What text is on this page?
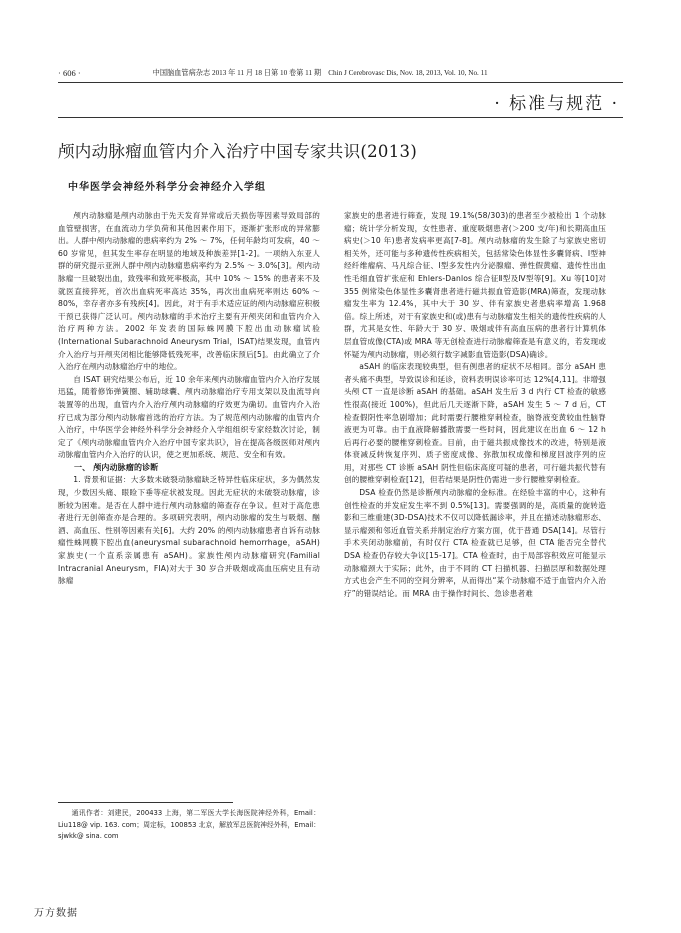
· 606 ·	中国脑血管病杂志 2013 年 11 月 18 日第 10 卷第 11 期　Chin J Cerebrovasc Dis, Nov. 18, 2013, Vol. 10, No. 11
· 标准与规范 ·
颅内动脉瘤血管内介入治疗中国专家共识(2013)
中华医学会神经外科学分会神经介入学组

颅内动脉瘤是颅内动脉由于先天发育异常或后天损伤等因素导致局部的血管壁损害，在血流动力学负荷和其他因素作用下，逐渐扩张形成的异常膨出。人群中颅内动脉瘤的患病率约为 2% ～ 7%，任何年龄均可发病，40 ～ 60 岁常见，但其发生率存在明显的地域及种族差异[1-2]。一项纳入东亚人群的研究提示亚洲人群中颅内动脉瘤患病率约为 2.5% ～ 3.0%[3]。颅内动脉瘤一旦破裂出血，致残率和致死率极高，其中 10% ～ 15% 的患者来不及就医直接猝死，首次出血病死率高达 35%，再次出血病死率则达 60% ～ 80%，幸存者亦多有残疾[4]。因此，对于有手术适应证的颅内动脉瘤应积极干预已获得广泛认可。颅内动脉瘤的手术治疗主要有开颅夹闭和血管内介入治疗两种方法。2002 年发表的国际蛛网膜下腔出血动脉瘤试验(International Subarachnoid Aneurysm Trial，ISAT)结果发现，血管内介入治疗与开颅夹闭相比能够降低残死率，改善临床预后[5]。由此确立了介入治疗在颅内动脉瘤治疗中的地位。

自 ISAT 研究结果公布后，近 10 余年来颅内动脉瘤血管内介入治疗发展迅猛，随着修饰弹簧圈、辅助球囊、颅内动脉瘤治疗专用支架以及血流导向装置等的出现，血管内介入治疗颅内动脉瘤的疗效更为确切。血管内介入治疗已成为部分颅内动脉瘤首选的治疗方法。为了规范颅内动脉瘤的血管内介入治疗，中华医学会神经外科学分会神经介入学组组织专家经数次讨论，制定了《颅内动脉瘤血管内介入治疗中国专家共识》，旨在提高各级医师对颅内动脉瘤血管内介入治疗的认识，使之更加系统、规范、安全和有效。

一、 颅内动脉瘤的诊断

1. 背景和证据：大多数未破裂动脉瘤缺乏特异性临床症状，多为偶然发现，少数因头痛、眼睑下垂等症状被发现。因此无症状的未破裂动脉瘤，诊断较为困难。是否在人群中进行颅内动脉瘤的筛查存在争议。但对于高危患者进行无创筛查亦是合理的。多项研究表明，颅内动脉瘤的发生与吸烟、酗酒、高血压、性别等因素有关[6]。大约 20% 的颅内动脉瘤患者自诉有动脉瘤性蛛网膜下腔出血(aneurysmal subarachnoid hemorrhage，aSAH)家族史(一个直系亲属患有 aSAH)。家族性颅内动脉瘤研究(Familial Intracranial Aneurysm，FIA)对大于 30 岁合并吸烟或高血压病史且有动脉瘤

家族史的患者进行筛查，发现 19.1%(58/303)的患者至少被检出 1 个动脉瘤；统计学分析发现，女性患者、重度吸烟患者(＞200 支/年)和长期高血压病史(＞10 年)患者发病率更高[7-8]。颅内动脉瘤的发生除了与家族史密切相关外，还可能与多种遗传性疾病相关，包括常染色体显性多囊肾病、Ⅰ型神经纤维瘤病、马凡综合征、Ⅰ型多发性内分泌腺瘤、弹性假黄瘤、遗传性出血性毛细血管扩张症和 Ehlers-Danlos 综合征Ⅱ型及Ⅳ型等[9]。Xu 等[10]对 355 例常染色体显性多囊肾患者进行磁共振血管造影(MRA)筛查，发现动脉瘤发生率为 12.4%，其中大于 30 岁、伴有家族史者患病率增高 1.968 倍。综上所述，对于有家族史和(或)患有与动脉瘤发生相关的遗传性疾病的人群，尤其是女性、年龄大于 30 岁、吸烟或伴有高血压病的患者行计算机体层血管成像(CTA)或 MRA 等无创检查进行动脉瘤筛查是有意义的，若发现或怀疑为颅内动脉瘤，则必须行数字减影血管造影(DSA)确诊。

aSAH 的临床表现较典型，但有例患者的症状不尽相同。部分 aSAH 患者头痛不典型，导致误诊和延诊，资料表明误诊率可达 12%[4,11]。非增强头颅 CT 一直是诊断 aSAH 的基础。aSAH 发生后 3 d 内行 CT 检查的敏感性很高(接近 100%)，但此后几天逐渐下降，aSAH 发生 5 ～ 7 d 后，CT 检查假阴性率急剧增加；此时需要行腰椎穿刺检查，脑脊液变黄较血性脑脊液更为可靠。由于血液降解播散需要一些时间，因此建议在出血 6 ～ 12 h 后再行必要的腰椎穿刺检查。目前，由于磁共振成像技术的改进，特别是液体衰减反转恢复序列、质子密度成像、弥散加权成像和梯度回波序列的应用，对那些 CT 诊断 aSAH 阴性但临床高度可疑的患者，可行磁共振代替有创的腰椎穿刺检查[12]，但若结果是阴性仍需进一步行腰椎穿刺检查。

DSA 检查仍然是诊断颅内动脉瘤的金标准。在经验丰富的中心，这种有创性检查的并发症发生率不到 0.5%[13]。需要强调的是，高质量的旋转造影和三维重建(3D-DSA)技术不仅可以降低漏诊率，并且在描述动脉瘤形态、显示瘤颈和邻近血管关系并制定治疗方案方面，优于普通 DSA[14]。尽管行手术夹闭动脉瘤前，有时仅行 CTA 检查就已足够，但 CTA 能否完全替代 DSA 检查仍存较大争议[15-17]。CTA 检查时，由于局部容积效应可能显示动脉瘤颈大于实际；此外，由于不同的 CT 扫描机器、扫描层厚和数据处理方式也会产生不同的空间分辨率，从而得出“某个动脉瘤不适于血管内介入治疗”的错误结论。而 MRA 由于操作时间长、急诊患者难

通讯作者：刘建民，200433 上海，第二军医大学长海医院神经外科，Email：Liu118@ vip. 163. com；周定标，100853 北京，解放军总医院神经外科，Email：sjwkk@ sina. com

万方数据
